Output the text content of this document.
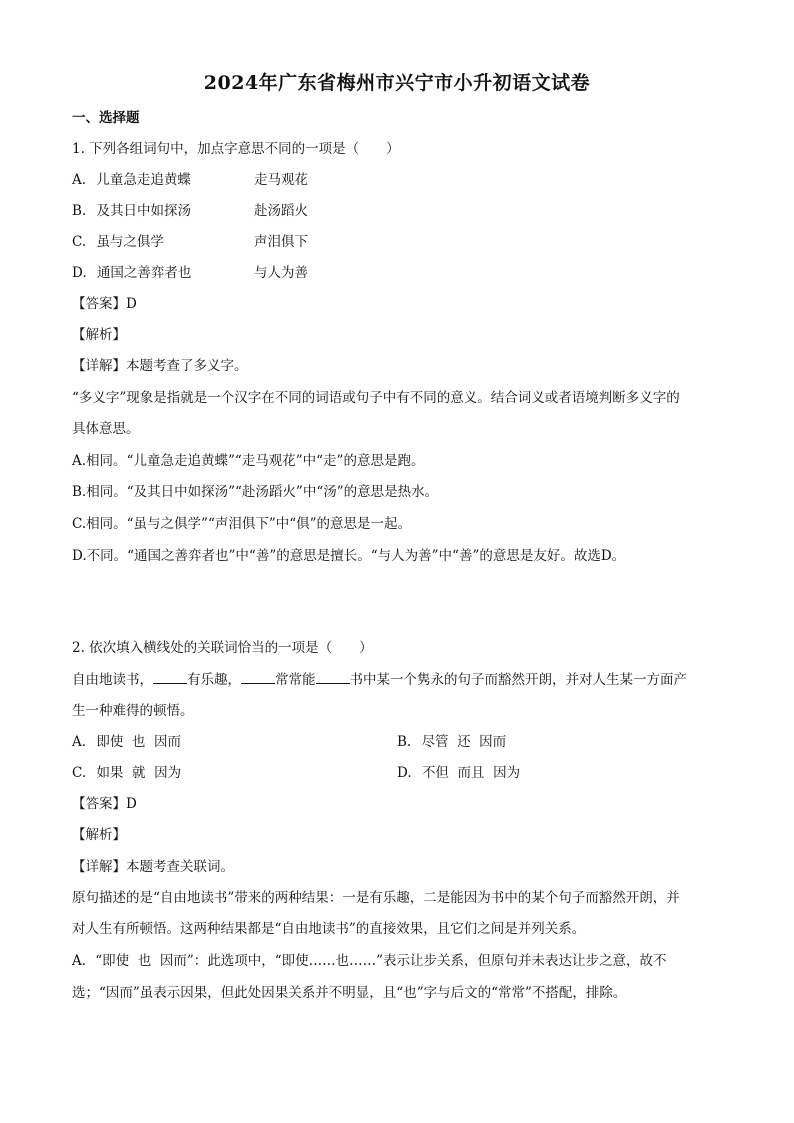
2024年广东省梅州市兴宁市小升初语文试卷
一、选择题
1. 下列各组词句中，加点字意思不同的一项是（　　）
A. 儿童急走追黄蝶	走马观花
B. 及其日中如探汤	赴汤蹈火
C. 虽与之俱学	声泪俱下
D. 通国之善弈者也	与人为善
【答案】D
【解析】
【详解】本题考查了多义字。
“多义字”现象是指就是一个汉字在不同的词语或句子中有不同的意义。结合词义或者语境判断多义字的
具体意思。
A.相同。“儿童急走追黄蝶”“走马观花”中“走”的意思是跑。
B.相同。“及其日中如探汤”“赴汤蹈火”中“汤”的意思是热水。
C.相同。“虽与之俱学”“声泪俱下”中“俱”的意思是一起。
D.不同。“通国之善弈者也”中“善”的意思是擅长。“与人为善”中“善”的意思是友好。故选D。
2. 依次填入横线处的关联词恰当的一项是（　　）
自由地读书，	有乐趣，	常常能	书中某一个隽永的句子而豁然开朗，并对人生某一方面产
生一种难得的顿悟。
A. 即使  也  因而	B. 尽管  还  因而
C. 如果  就  因为	D. 不但  而且  因为
【答案】D
【解析】
【详解】本题考查关联词。
原句描述的是“自由地读书”带来的两种结果：一是有乐趣，二是能因为书中的某个句子而豁然开朗，并
对人生有所顿悟。这两种结果都是“自由地读书”的直接效果，且它们之间是并列关系。
A．“即使  也  因而”：此选项中，“即使……也……”表示让步关系，但原句并未表达让步之意，故不
选；“因而”虽表示因果，但此处因果关系并不明显，且“也”字与后文的“常常”不搭配，排除。
